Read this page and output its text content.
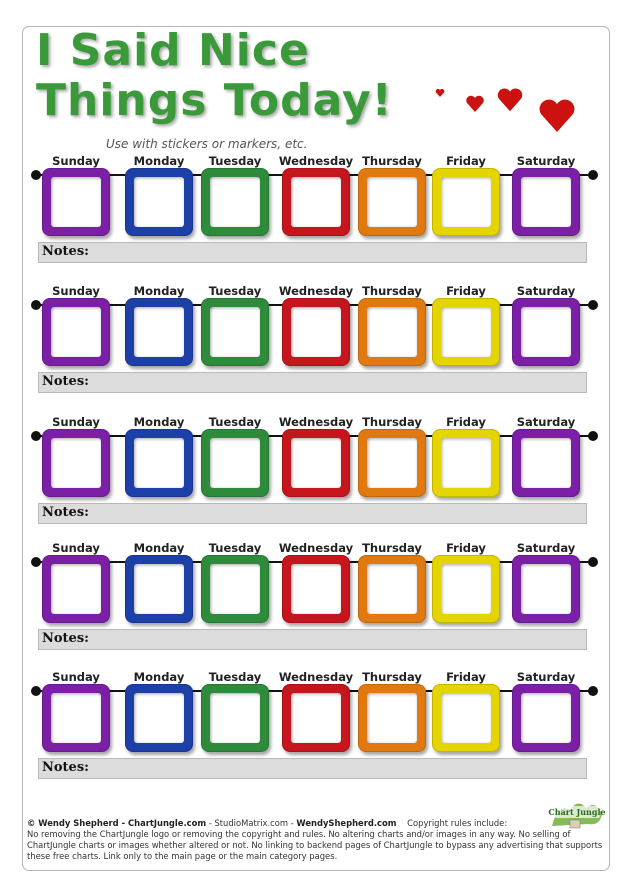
I Said Nice
Things Today!
Use with stickers or markers, etc.
Sunday	Monday	Tuesday	Wednesday Thursday	Friday	Saturday
Notes:
Sunday	Monday	Tuesday	Wednesday Thursday	Friday	Saturday
Notes:
Sunday	Monday	Tuesday	Wednesday Thursday	Friday	Saturday
Notes:
Sunday	Monday	Tuesday	Wednesday Thursday	Friday	Saturday
Notes:
Sunday	Monday	Tuesday	Wednesday Thursday	Friday	Saturday
Notes:
Chart Jungle
© Wendy Shepherd - ChartJungle.com - StudioMatrix.com - WendyShepherd.com Copyright rules include:
No removing the ChartJungle logo or removing the copyright and rules. No altering charts and/or images in any way. No selling of ChartJungle charts or images whether altered or not. No linking to backend pages of ChartJungle to bypass any advertising that supports these free charts. Link only to the main page or the main category pages.
